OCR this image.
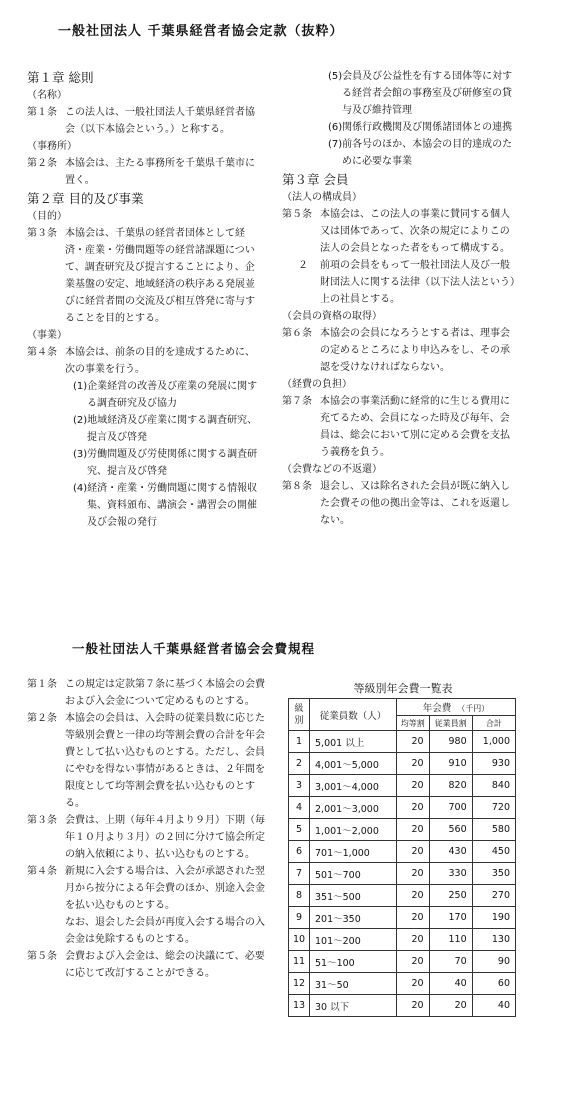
一般社団法人 千葉県経営者協会定款（抜粋）
第１章 総則
（名称）
第１条 この法人は、一般社団法人千葉県経営者協会（以下本協会という。）と称する。
（事務所）
第２条 本協会は、主たる事務所を千葉県千葉市に置く。
第２章 目的及び事業
（目的）
第３条 本協会は、千葉県の経営者団体として経済・産業・労働問題等の経営諸課題について、調査研究及び提言することにより、企業基盤の安定、地域経済の秩序ある発展並びに経営者間の交流及び相互啓発に寄与することを目的とする。
（事業）
第４条 本協会は、前条の目的を達成するために、次の事業を行う。
(1)企業経営の改善及び産業の発展に関する調査研究及び協力
(2)地域経済及び産業に関する調査研究、提言及び啓発
(3)労働問題及び労使関係に関する調査研究、提言及び啓発
(4)経済・産業・労働問題に関する情報収集、資料頒布、講演会・講習会の開催及び会報の発行
(5)会員及び公益性を有する団体等に対する経営者会館の事務室及び研修室の貸与及び維持管理
(6)関係行政機関及び関係諸団体との連携
(7)前各号のほか、本協会の目的達成のために必要な事業
第３章 会員
（法人の構成員）
第５条 本協会は、この法人の事業に賛同する個人又は団体であって、次条の規定によりこの法人の会員となった者をもって構成する。
２	前項の会員をもって一般社団法人及び一般財団法人に関する法律（以下法人法という）上の社員とする。
（会員の資格の取得）
第６条 本協会の会員になろうとする者は、理事会の定めるところにより申込みをし、その承認を受けなければならない。
（経費の負担）
第７条 本協会の事業活動に経常的に生じる費用に充てるため、会員になった時及び毎年、会員は、総会において別に定める会費を支払う義務を負う。
（会費などの不返還）
第８条 退会し、又は除名された会員が既に納入した会費その他の拠出金等は、これを返還しない。
一般社団法人千葉県経営者協会会費規程
第１条 この規定は定款第７条に基づく本協会の会費および入会金について定めるものとする。
第２条 本協会の会員は、入会時の従業員数に応じた等級別会費と一律の均等割会費の合計を年会費として払い込むものとする。ただし、会員にやむを得ない事情があるときは、２年間を限度として均等割会費を払い込むものとする。
第３条 会費は、上期（毎年４月より９月）下期（毎年１０月より３月）の２回に分けて協会所定の納入依頼により、払い込むものとする。
第４条 新規に入会する場合は、入会が承認された翌月から按分による年会費のほか、別途入会金を払い込むものとする。
なお、退会した会員が再度入会する場合の入会金は免除するものとする。
第５条 会費および入会金は、総会の決議にて、必要に応じて改訂することができる。
等級別年会費一覧表
級別	従業員数（人）	年会費 （千円）		
		均等割	従業員割	合計
1	5,001 以上	20	980	1,000
2	4,001～5,000	20	910	930
3	3,001～4,000	20	820	840
4	2,001～3,000	20	700	720
5	1,001～2,000	20	560	580
6	701～1,000	20	430	450
7	501～700	20	330	350
8	351～500	20	250	270
9	201～350	20	170	190
10	101～200	20	110	130
11	51～100	20	70	90
12	31～50	20	40	60
13	30 以下	20	20	40
